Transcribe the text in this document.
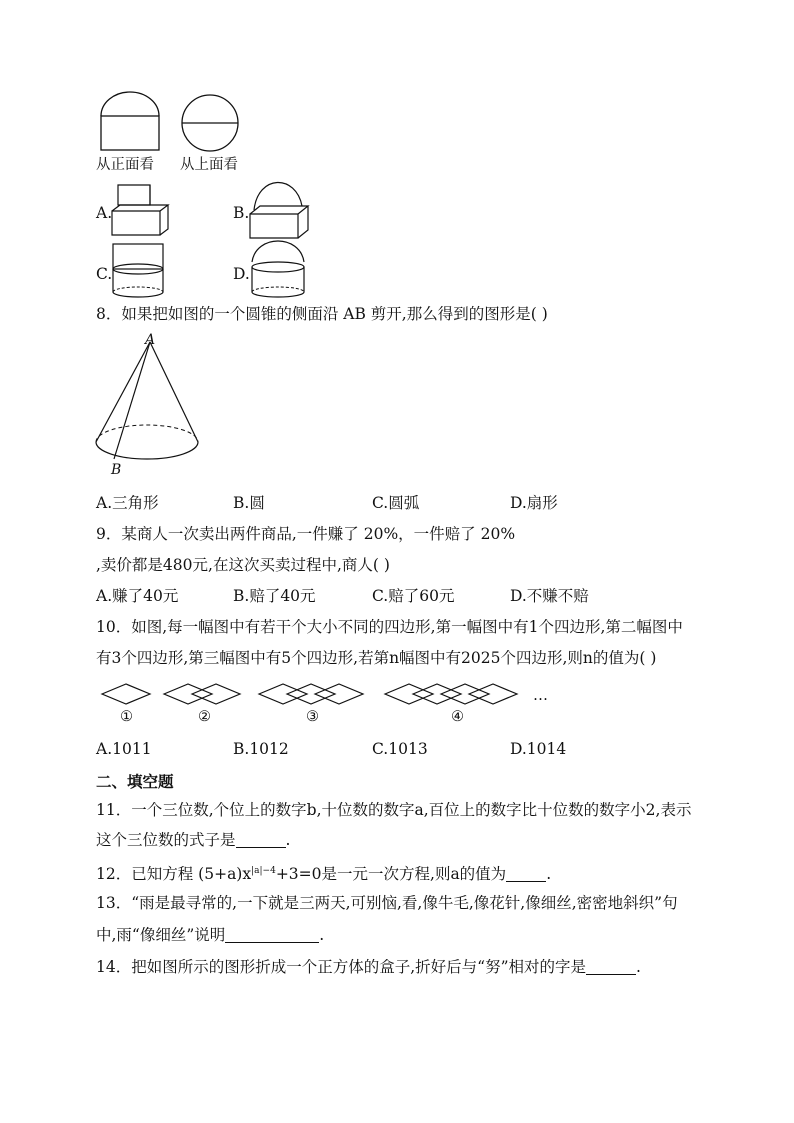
从正面看 从上面看
A.	B.
C.	D.
8．如果把如图的一个圆锥的侧面沿 AB 剪开,那么得到的图形是( )
A
B
A.三角形	B.圆	C.圆弧	D.扇形
9．某商人一次卖出两件商品,一件赚了 20%，一件赔了 20%
,卖价都是480元,在这次买卖过程中,商人( )
A.赚了40元	B.赔了40元	C.赔了60元	D.不赚不赔
10．如图,每一幅图中有若干个大小不同的四边形,第一幅图中有1个四边形,第二幅图中
有3个四边形,第三幅图中有5个四边形,若第n幅图中有2025个四边形,则n的值为( )
…
①	②	③	④
A.1011	B.1012	C.1013	D.1014
二、填空题
11．一个三位数,个位上的数字b,十位数的数字a,百位上的数字比十位数的数字小2,表示
这个三位数的式子是	.
12．已知方程 $(5+a)x^{|a|-4}+3=0$是一元一次方程,则a的值为	.
13．“雨是最寻常的,一下就是三两天,可别恼,看,像牛毛,像花针,像细丝,密密地斜织”句
中,雨“像细丝”说明	.
14．把如图所示的图形折成一个正方体的盒子,折好后与“努”相对的字是	.
